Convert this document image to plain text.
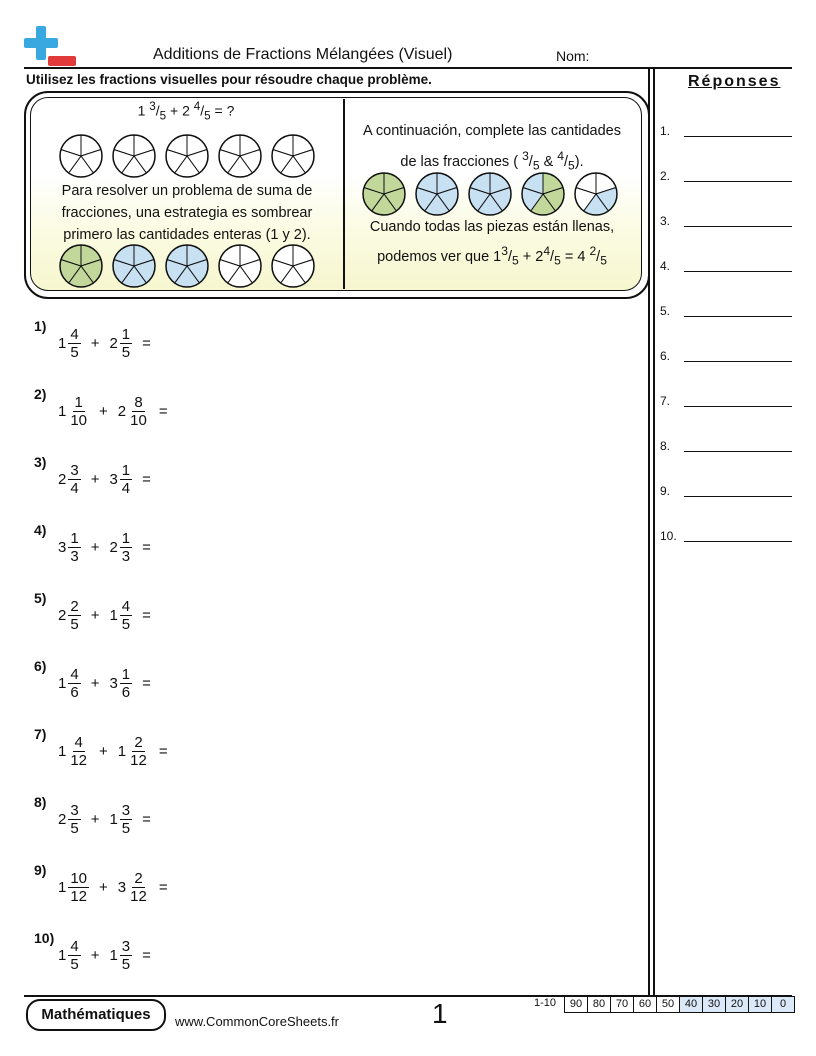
Additions de Fractions Mélangées (Visuel)	Nom:
Utilisez les fractions visuelles pour résoudre chaque problème.	Réponses
1 $^3/_5 + 2$ $^4/_5$ = ?
Para resolver un problema de suma de fracciones, una estrategia es sombrear primero las cantidades enteras (1 y 2).
A continuación, complete las cantidades
de las fracciones ( $^3/_5$ & $^4/_5$).
Cuando todas las piezas están llenas,
podemos ver que $1^3/_5 + 2^4/_5 = 4$ $^2/_5$
1)
$1 \frac{4}{5} + 2 \frac{1}{5}$ =
2)
$1 \frac{1}{10} + 2 \frac{8}{10}$ =
3)
$2 \frac{3}{4} + 3 \frac{1}{4}$ =
4)
$3 \frac{1}{3} + 2 \frac{1}{3}$ =
5)
$2 \frac{2}{5} + 1 \frac{4}{5}$ =
6)
$1 \frac{4}{6} + 3 \frac{1}{6}$ =
7)
$1 \frac{4}{12} + 1 \frac{2}{12}$ =
8)
$2 \frac{3}{5} + 1 \frac{3}{5}$ =
9)
$1 \frac{10}{12} + 3 \frac{2}{12}$ =
10)
$1 \frac{4}{5} + 1 \frac{3}{5}$ =
1.
2.
3.
4.
5.
6.
7.
8.
9.
10.
Mathématiques	www.CommonCoreSheets.fr	1	1-10	90 80 70 60 50 40 30 20 10	0
